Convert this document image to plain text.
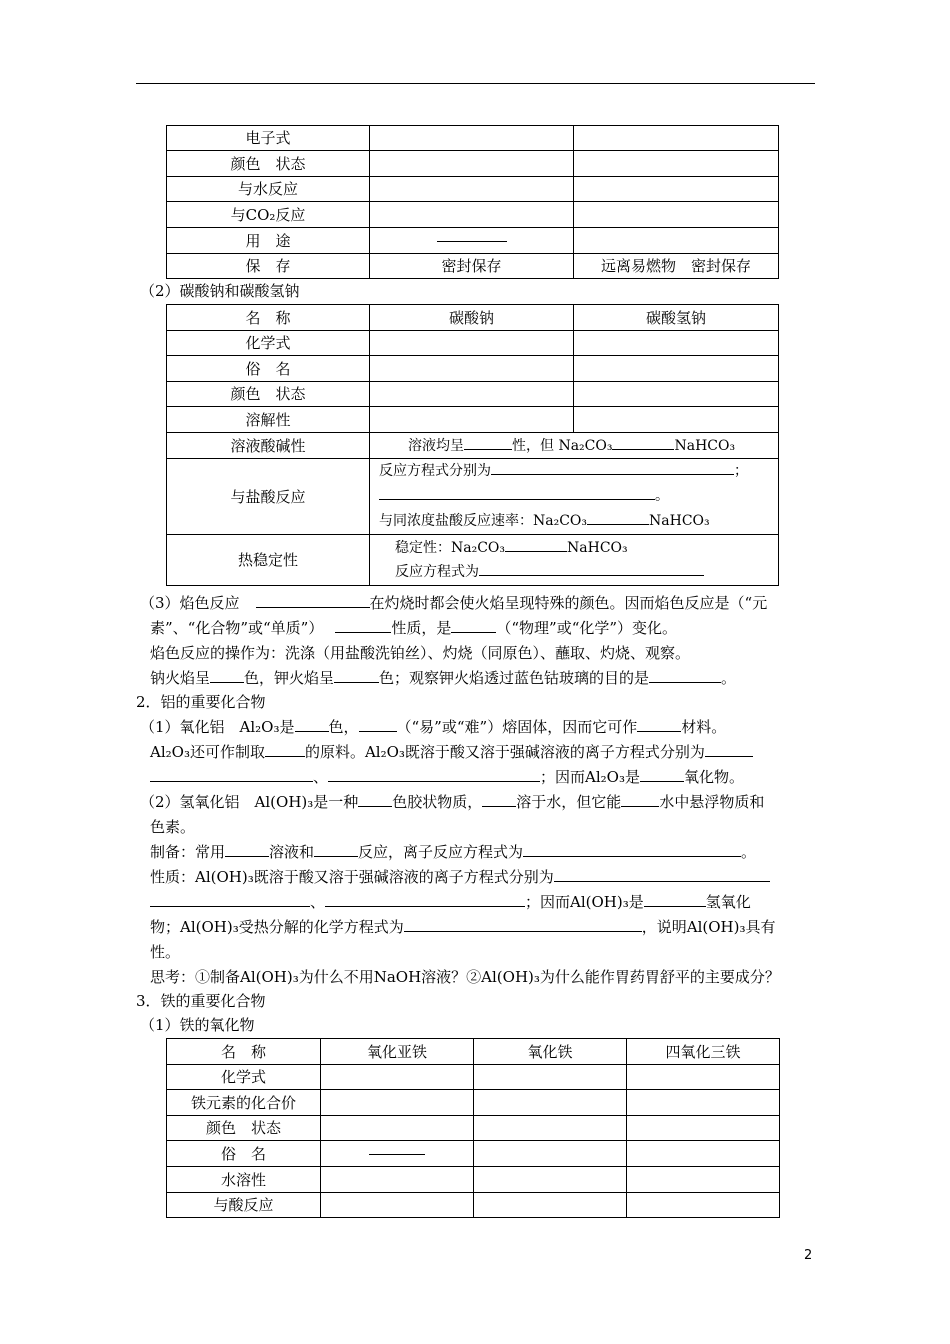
电子式		
颜色　状态		
与水反应		
与CO₂反应		
用　途		
保　存	密封保存	远离易燃物　密封保存
（2）碳酸钠和碳酸氢钠
名　称	碳酸钠	碳酸氢钠
化学式		
俗　名		
颜色　状态		
溶解性		
溶液酸碱性	溶液均呈 性，但 Na₂CO₃ NaHCO₃	
与盐酸反应	反应方程式分别为 ；
。
与同浓度盐酸反应速率：Na₂CO₃ NaHCO₃	

热稳定性	稳定性：Na₂CO₃ NaHCO₃
反应方程式为	
（3）焰色反应	在灼烧时都会使火焰呈现特殊的颜色。因而焰色反应是（“元
素”、“化合物”或“单质”）	性质，是	（“物理”或“化学”）变化。
焰色反应的操作为：洗涤（用盐酸洗铂丝）、灼烧（同原色）、蘸取、灼烧、观察。
钠火焰呈 色，钾火焰呈	色；观察钾火焰透过蓝色钴玻璃的目的是	。
2．铝的重要化合物
（1）氧化铝　Al₂O₃是 色，	（“易”或“难”）熔固体，因而它可作	材料。
Al₂O₃还可作制取	的原料。Al₂O₃既溶于酸又溶于强碱溶液的离子方程式分别为
、	；因而Al₂O₃是	氧化物。
（2）氢氧化铝　Al(OH)₃是一种 色胶状物质， 溶于水，但它能	水中悬浮物质和
色素。
制备：常用	溶液和	反应，离子反应方程式为	。
性质：Al(OH)₃既溶于酸又溶于强碱溶液的离子方程式分别为
、	；因而Al(OH)₃是	氢氧化
物；Al(OH)₃受热分解的化学方程式为	，说明Al(OH)₃具有
性。
思考：①制备Al(OH)₃为什么不用NaOH溶液？②Al(OH)₃为什么能作胃药胃舒平的主要成分？
3．铁的重要化合物
（1）铁的氧化物
名　称	氧化亚铁	氧化铁	四氧化三铁
化学式			
铁元素的化合价			
颜色　状态			
俗　名			
水溶性			
与酸反应			
2
